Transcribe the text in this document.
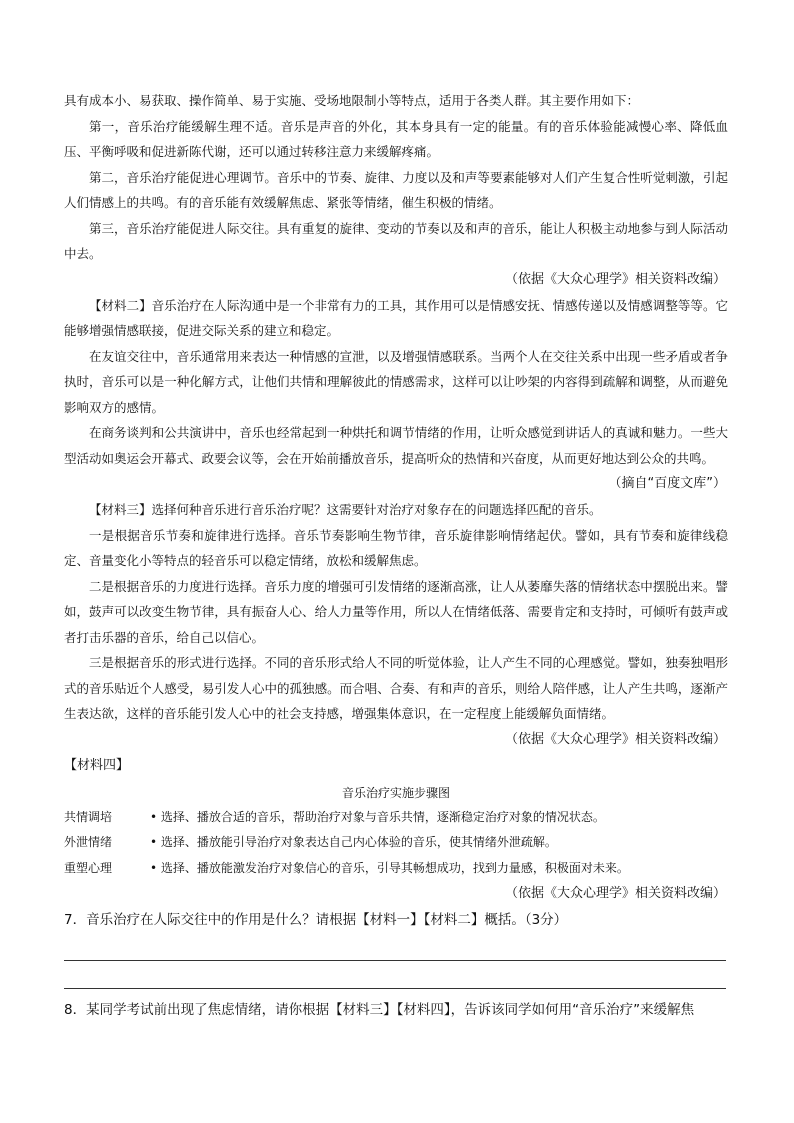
具有成本小、易获取、操作简单、易于实施、受场地限制小等特点，适用于各类人群。其主要作用如下：

第一，音乐治疗能缓解生理不适。音乐是声音的外化，其本身具有一定的能量。有的音乐体验能减慢心率、降低血压、平衡呼吸和促进新陈代谢，还可以通过转移注意力来缓解疼痛。

第二，音乐治疗能促进心理调节。音乐中的节奏、旋律、力度以及和声等要素能够对人们产生复合性听觉刺激，引起人们情感上的共鸣。有的音乐能有效缓解焦虑、紧张等情绪，催生积极的情绪。

第三，音乐治疗能促进人际交往。具有重复的旋律、变动的节奏以及和声的音乐，能让人积极主动地参与到人际活动中去。

（依据《大众心理学》相关资料改编）

【材料二】音乐治疗在人际沟通中是一个非常有力的工具，其作用可以是情感安抚、情感传递以及情感调整等等。它能够增强情感联接，促进交际关系的建立和稳定。

在友谊交往中，音乐通常用来表达一种情感的宣泄，以及增强情感联系。当两个人在交往关系中出现一些矛盾或者争执时，音乐可以是一种化解方式，让他们共情和理解彼此的情感需求，这样可以让吵架的内容得到疏解和调整，从而避免影响双方的感情。

在商务谈判和公共演讲中，音乐也经常起到一种烘托和调节情绪的作用，让听众感觉到讲话人的真诚和魅力。一些大型活动如奥运会开幕式、政要会议等，会在开始前播放音乐，提高听众的热情和兴奋度，从而更好地达到公众的共鸣。

（摘自“百度文库”）

【材料三】选择何种音乐进行音乐治疗呢？这需要针对治疗对象存在的问题选择匹配的音乐。

一是根据音乐节奏和旋律进行选择。音乐节奏影响生物节律，音乐旋律影响情绪起伏。譬如，具有节奏和旋律线稳定、音量变化小等特点的轻音乐可以稳定情绪，放松和缓解焦虑。

二是根据音乐的力度进行选择。音乐力度的增强可引发情绪的逐渐高涨，让人从萎靡失落的情绪状态中摆脱出来。譬如，鼓声可以改变生物节律，具有振奋人心、给人力量等作用，所以人在情绪低落、需要肯定和支持时，可倾听有鼓声或者打击乐器的音乐，给自己以信心。

三是根据音乐的形式进行选择。不同的音乐形式给人不同的听觉体验，让人产生不同的心理感觉。譬如，独奏独唱形式的音乐贴近个人感受，易引发人心中的孤独感。而合唱、合奏、有和声的音乐，则给人陪伴感，让人产生共鸣，逐渐产生表达欲，这样的音乐能引发人心中的社会支持感，增强集体意识，在一定程度上能缓解负面情绪。

（依据《大众心理学》相关资料改编）

【材料四】

音乐治疗实施步骤图

共情调培	• 选择、播放合适的音乐，帮助治疗对象与音乐共情，逐渐稳定治疗对象的情况状态。
外泄情绪	• 选择、播放能引导治疗对象表达自己内心体验的音乐，使其情绪外泄疏解。
重塑心理	• 选择、播放能激发治疗对象信心的音乐，引导其畅想成功，找到力量感，积极面对未来。

（依据《大众心理学》相关资料改编）

7．音乐治疗在人际交往中的作用是什么？请根据【材料一】【材料二】概括。（3分）

8．某同学考试前出现了焦虑情绪，请你根据【材料三】【材料四】，告诉该同学如何用“音乐治疗”来缓解焦
